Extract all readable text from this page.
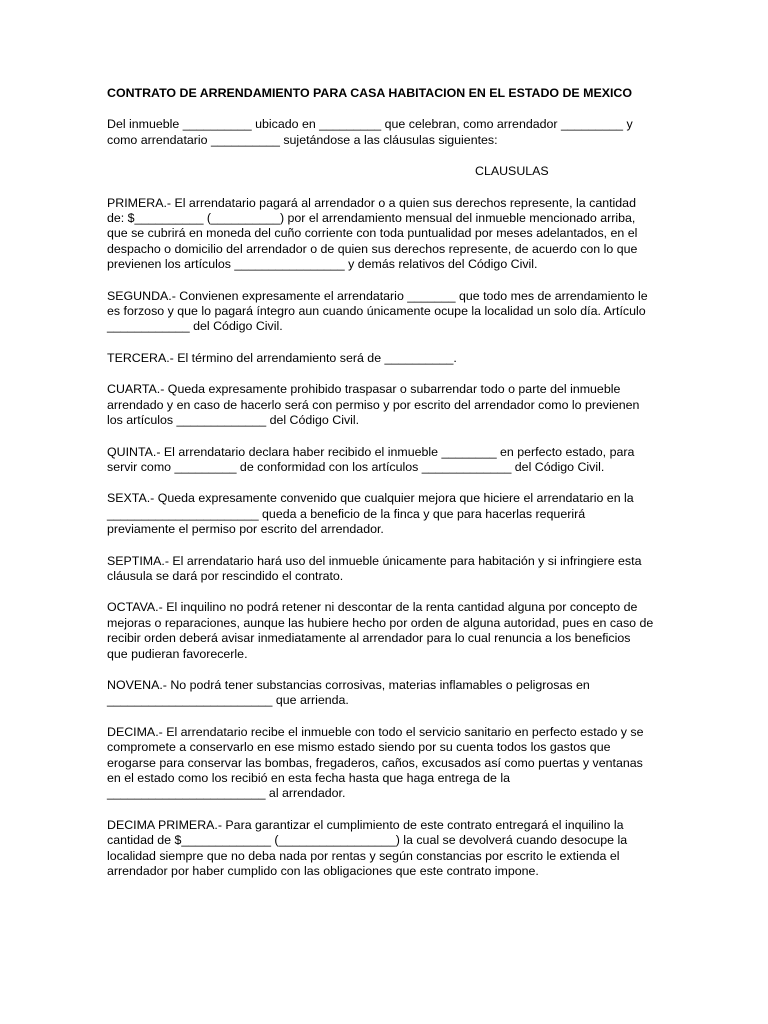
CONTRATO DE ARRENDAMIENTO PARA CASA HABITACION EN EL ESTADO DE MEXICO
Del inmueble __________ ubicado en _________ que celebran, como arrendador _________ y
como arrendatario __________ sujetándose a las cláusulas siguientes:
CLAUSULAS
PRIMERA.- El arrendatario pagará al arrendador o a quien sus derechos represente, la cantidad
de: $__________ (__________) por el arrendamiento mensual del inmueble mencionado arriba,
que se cubrirá en moneda del cuño corriente con toda puntualidad por meses adelantados, en el
despacho o domicilio del arrendador o de quien sus derechos represente, de acuerdo con lo que
previenen los artículos ________________ y demás relativos del Código Civil.
SEGUNDA.- Convienen expresamente el arrendatario _______ que todo mes de arrendamiento le
es forzoso y que lo pagará íntegro aun cuando únicamente ocupe la localidad un solo día. Artículo
____________ del Código Civil.
TERCERA.- El término del arrendamiento será de __________.
CUARTA.- Queda expresamente prohibido traspasar o subarrendar todo o parte del inmueble
arrendado y en caso de hacerlo será con permiso y por escrito del arrendador como lo previenen
los artículos _____________ del Código Civil.
QUINTA.- El arrendatario declara haber recibido el inmueble ________ en perfecto estado, para
servir como _________ de conformidad con los artículos _____________ del Código Civil.
SEXTA.- Queda expresamente convenido que cualquier mejora que hiciere el arrendatario en la
______________________ queda a beneficio de la finca y que para hacerlas requerirá
previamente el permiso por escrito del arrendador.
SEPTIMA.- El arrendatario hará uso del inmueble únicamente para habitación y si infringiere esta
cláusula se dará por rescindido el contrato.
OCTAVA.- El inquilino no podrá retener ni descontar de la renta cantidad alguna por concepto de
mejoras o reparaciones, aunque las hubiere hecho por orden de alguna autoridad, pues en caso de
recibir orden deberá avisar inmediatamente al arrendador para lo cual renuncia a los beneficios
que pudieran favorecerle.
NOVENA.- No podrá tener substancias corrosivas, materias inflamables o peligrosas en
________________________ que arrienda.
DECIMA.- El arrendatario recibe el inmueble con todo el servicio sanitario en perfecto estado y se
compromete a conservarlo en ese mismo estado siendo por su cuenta todos los gastos que
erogarse para conservar las bombas, fregaderos, caños, excusados así como puertas y ventanas
en el estado como los recibió en esta fecha hasta que haga entrega de la
_______________________ al arrendador.
DECIMA PRIMERA.- Para garantizar el cumplimiento de este contrato entregará el inquilino la
cantidad de $_____________ (_________________) la cual se devolverá cuando desocupe la
localidad siempre que no deba nada por rentas y según constancias por escrito le extienda el
arrendador por haber cumplido con las obligaciones que este contrato impone.
